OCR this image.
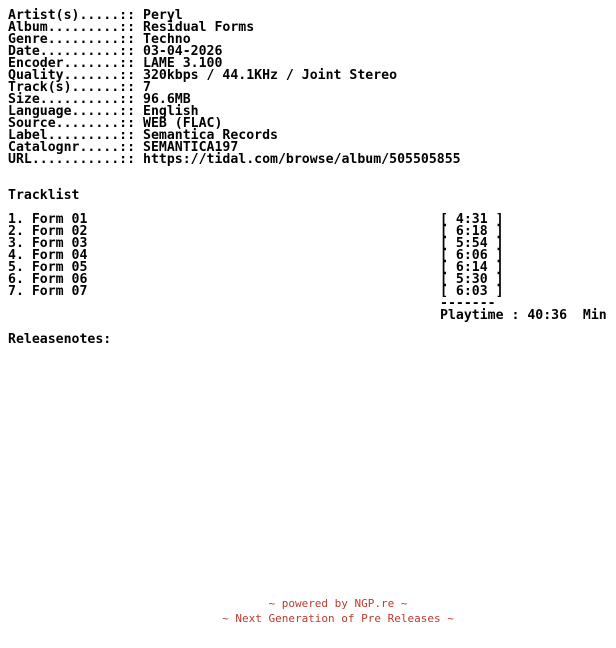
Artist(s).....:: Peryl
Album.........:: Residual Forms
Genre.........:: Techno
Date..........:: 03-04-2026
Encoder.......:: LAME 3.100
Quality.......:: 320kbps / 44.1KHz / Joint Stereo
Track(s)......:: 7
Size..........:: 96.6MB
Language......:: English
Source........:: WEB (FLAC)
Label.........:: Semantica Records
Catalognr.....:: SEMANTICA197
URL...........:: https://tidal.com/browse/album/505505855
Tracklist
1. Form 01	[ 4:31 ]
2. Form 02	[ 6:18 ]
3. Form 03	[ 5:54 ]
4. Form 04	[ 6:06 ]
5. Form 05	[ 6:14 ]
6. Form 06	[ 5:30 ]
7. Form 07	[ 6:03 ]
-------
Playtime : 40:36  Min
Releasenotes:
~ powered by NGP.re ~
~ Next Generation of Pre Releases ~
